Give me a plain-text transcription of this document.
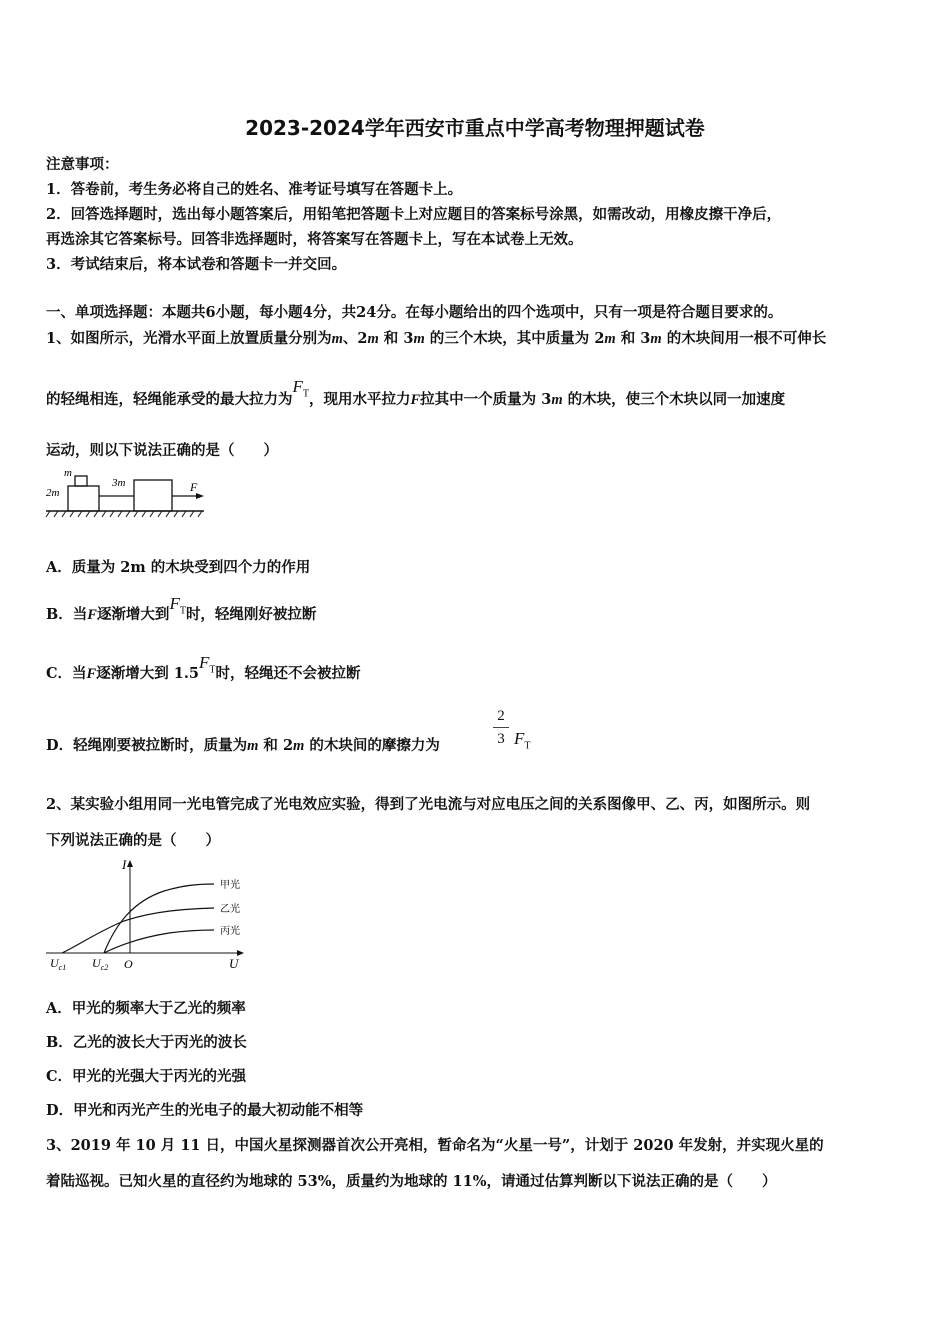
2023-2024学年西安市重点中学高考物理押题试卷
注意事项：
1．答卷前，考生务必将自己的姓名、准考证号填写在答题卡上。
2．回答选择题时，选出每小题答案后，用铅笔把答题卡上对应题目的答案标号涂黑，如需改动，用橡皮擦干净后，
再选涂其它答案标号。回答非选择题时，将答案写在答题卡上，写在本试卷上无效。
3．考试结束后，将本试卷和答题卡一并交回。
一、单项选择题：本题共6小题，每小题4分，共24分。在每小题给出的四个选项中，只有一项是符合题目要求的。
1、如图所示，光滑水平面上放置质量分别为m、2m 和 3m 的三个木块，其中质量为 2m 和 3m 的木块间用一根不可伸长
的轻绳相连，轻绳能承受的最大拉力为$F_T$，现用水平拉力F拉其中一个质量为 3m 的木块，使三个木块以同一加速度
运动，则以下说法正确的是（　　）
m
2m
3m	F
A．质量为 2m 的木块受到四个力的作用
B．当F逐渐增大到$F_T$时，轻绳刚好被拉断
C．当F逐渐增大到 $1.5F_T$时，轻绳还不会被拉断
D．轻绳刚要被拉断时，质量为m 和 2m 的木块间的摩擦力为
2
3 $F_T$
2、某实验小组用同一光电管完成了光电效应实验，得到了光电流与对应电压之间的关系图像甲、乙、丙，如图所示。则
下列说法正确的是（　　）
I
U
O
$U_{c1}$ $U_{c2}$
甲光
乙光
丙光
A．甲光的频率大于乙光的频率
B．乙光的波长大于丙光的波长
C．甲光的光强大于丙光的光强
D．甲光和丙光产生的光电子的最大初动能不相等
3、2019 年 10 月 11 日，中国火星探测器首次公开亮相，暂命名为“火星一号”，计划于 2020 年发射，并实现火星的
着陆巡视。已知火星的直径约为地球的 53%，质量约为地球的 11%，请通过估算判断以下说法正确的是（　　）
